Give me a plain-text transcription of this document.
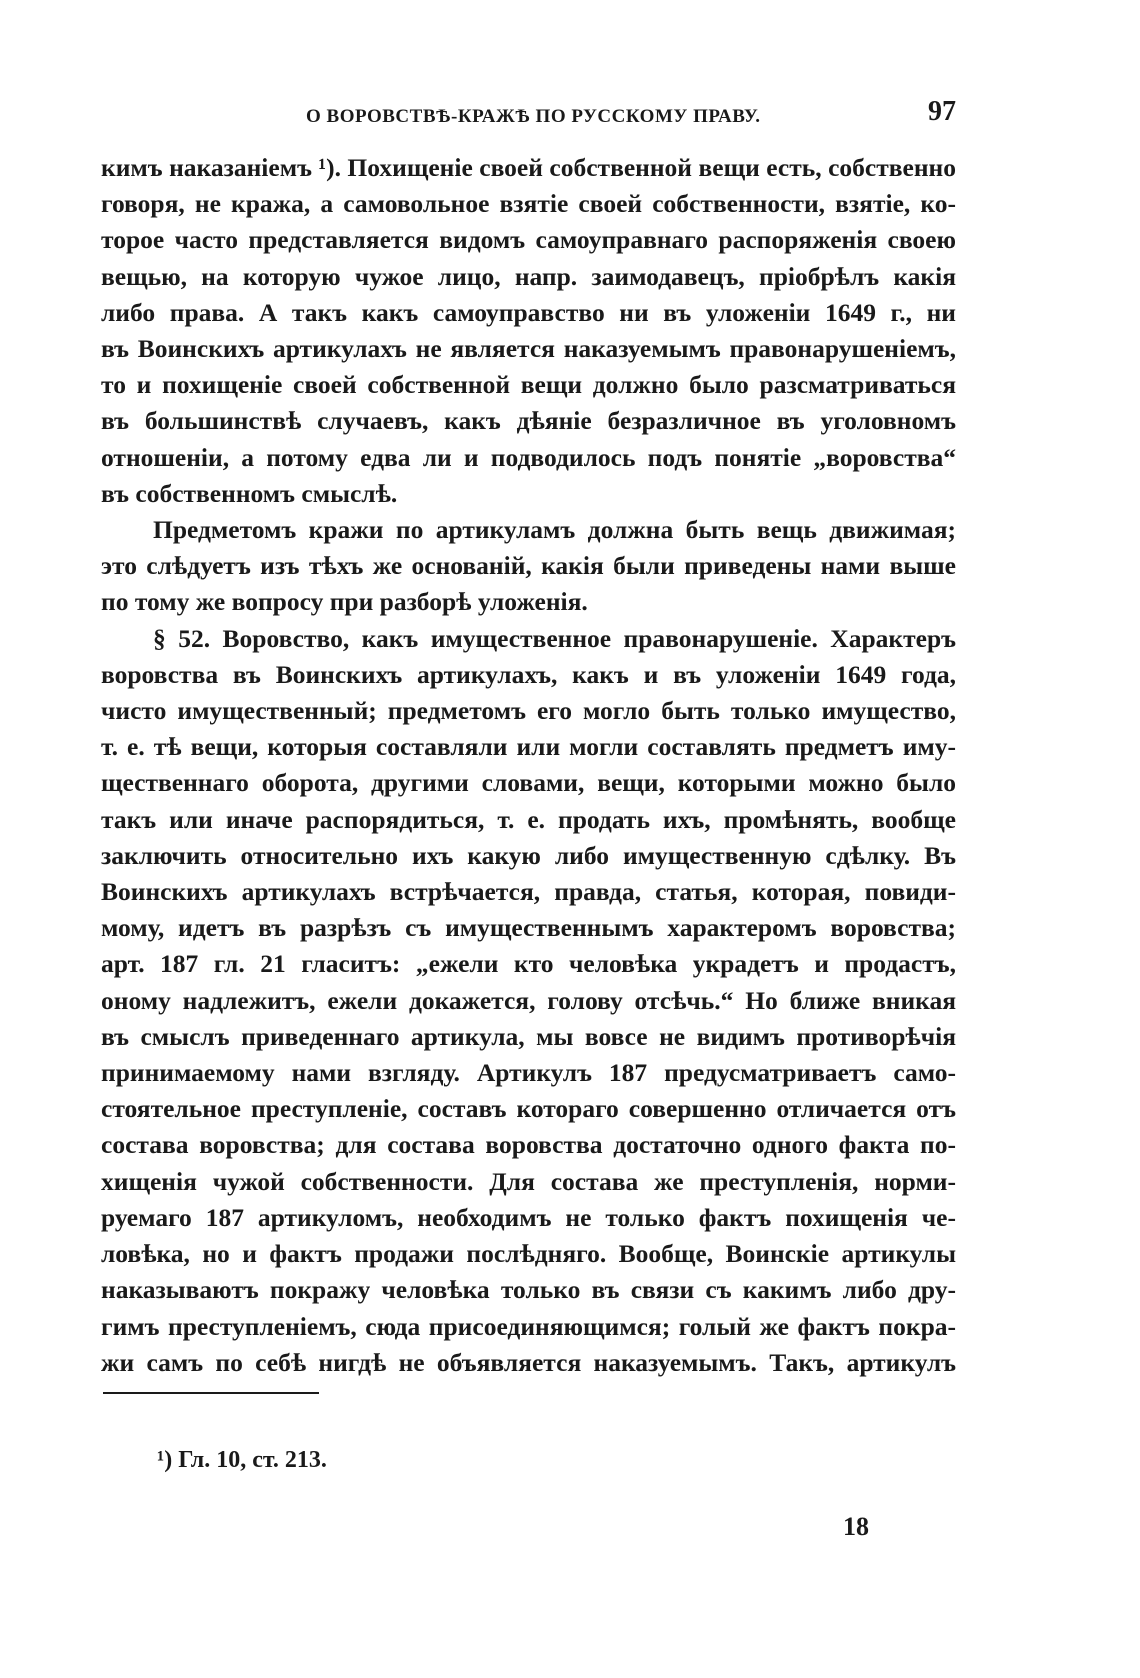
О ВОРОВСТВѢ-КРАЖѢ ПО РУССКОМУ ПРАВУ.	97
кимъ наказаніемъ ¹). Похищеніе своей собственной вещи есть, собственно
говоря, не кража, а самовольное взятіе своей собственности, взятіе, ко-
торое часто представляется видомъ самоуправнаго распоряженія своею
вещью, на которую чужое лицо, напр. заимодавецъ, пріобрѣлъ какія
либо права. А такъ какъ самоуправство ни въ уложеніи 1649 г., ни
въ Воинскихъ артикулахъ не является наказуемымъ правонарушеніемъ,
то и похищеніе своей собственной вещи должно было разсматриваться
въ большинствѣ случаевъ, какъ дѣяніе безразличное въ уголовномъ
отношеніи, а потому едва ли и подводилось подъ понятіе „воровства“
въ собственномъ смыслѣ.
Предметомъ кражи по артикуламъ должна быть вещь движимая;
это слѣдуетъ изъ тѣхъ же основаній, какія были приведены нами выше
по тому же вопросу при разборѣ уложенія.
§ 52. Воровство, какъ имущественное правонарушеніе. Характеръ
воровства въ Воинскихъ артикулахъ, какъ и въ уложеніи 1649 года,
чисто имущественный; предметомъ его могло быть только имущество,
т. е. тѣ вещи, которыя составляли или могли составлять предметъ иму-
щественнаго оборота, другими словами, вещи, которыми можно было
такъ или иначе распорядиться, т. е. продать ихъ, промѣнять, вообще
заключить относительно ихъ какую либо имущественную сдѣлку. Въ
Воинскихъ артикулахъ встрѣчается, правда, статья, которая, повиди-
мому, идетъ въ разрѣзъ съ имущественнымъ характеромъ воровства;
арт. 187 гл. 21 гласитъ: „ежели кто человѣка украдетъ и продастъ,
оному надлежитъ, ежели докажется, голову отсѣчь.“ Но ближе вникая
въ смыслъ приведеннаго артикула, мы вовсе не видимъ противорѣчія
принимаемому нами взгляду. Артикулъ 187 предусматриваетъ само-
стоятельное преступленіе, составъ котораго совершенно отличается отъ
состава воровства; для состава воровства достаточно одного факта по-
хищенія чужой собственности. Для состава же преступленія, норми-
руемаго 187 артикуломъ, необходимъ не только фактъ похищенія че-
ловѣка, но и фактъ продажи послѣдняго. Вообще, Воинскіе артикулы
наказываютъ покражу человѣка только въ связи съ какимъ либо дру-
гимъ преступленіемъ, сюда присоединяющимся; голый же фактъ покра-
жи самъ по себѣ нигдѣ не объявляется наказуемымъ. Такъ, артикулъ
¹) Гл. 10, ст. 213.
18
